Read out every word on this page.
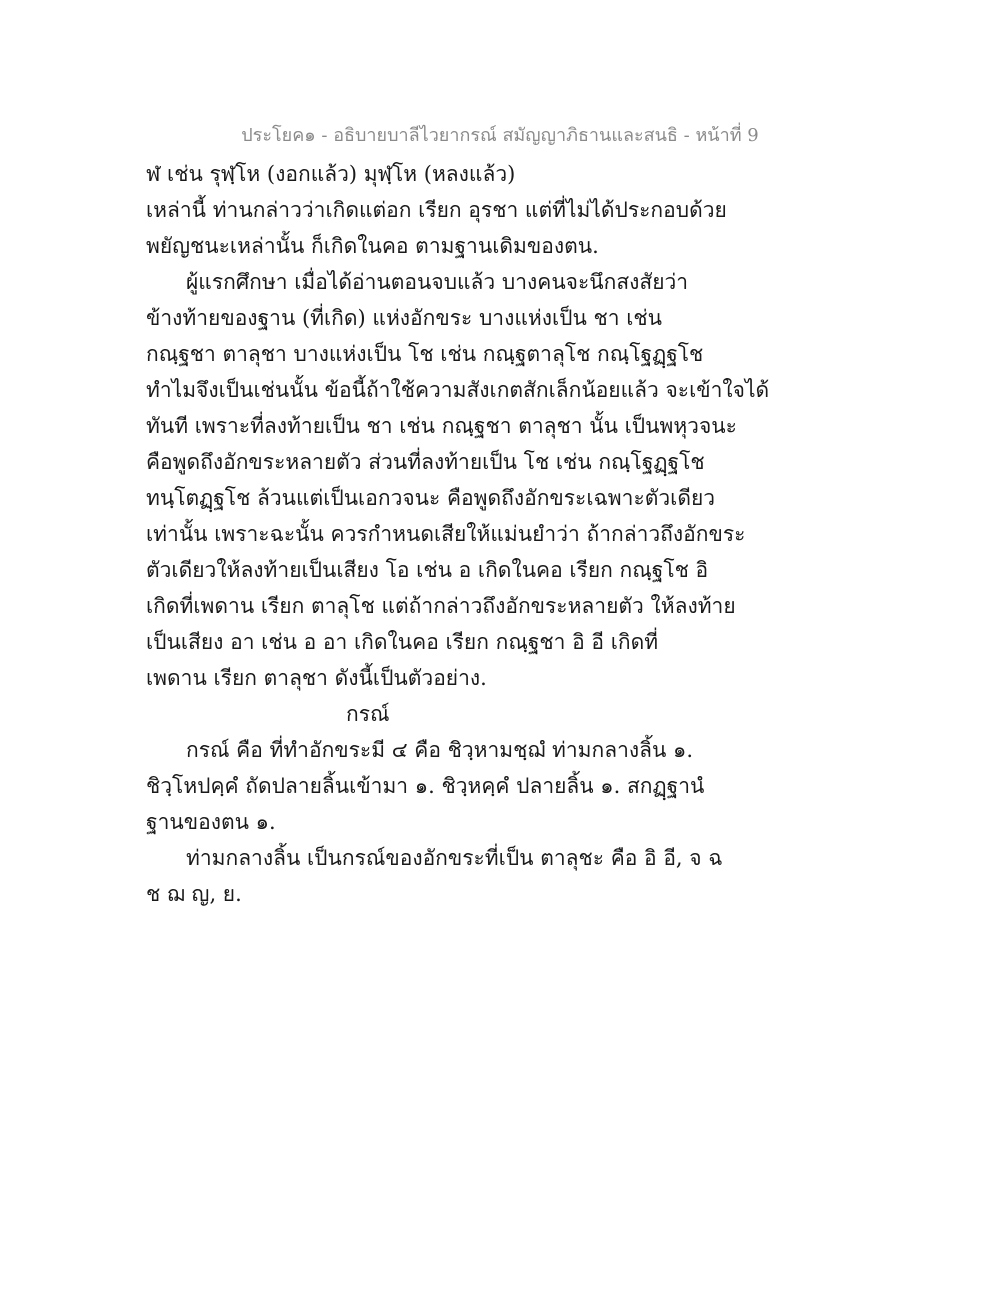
ประโยค๑ - อธิบายบาลีไวยากรณ์ สมัญญาภิธานและสนธิ - หน้าที่ 9

ฬ เช่น รุฬฺโห (งอกแล้ว) มุฬฺโห (หลงแล้ว)

เหล่านี้ ท่านกล่าวว่าเกิดแต่อก เรียก อุรชา แต่ที่ไม่ได้ประกอบด้วย

พยัญชนะเหล่านั้น ก็เกิดในคอ ตามฐานเดิมของตน.

ผู้แรกศึกษา เมื่อได้อ่านตอนจบแล้ว บางคนจะนึกสงสัยว่า

ข้างท้ายของฐาน (ที่เกิด) แห่งอักขระ บางแห่งเป็น ชา เช่น

กณฺฐชา ตาลุชา บางแห่งเป็น โช เช่น กณฺฐตาลุโช กณฺโฐฏฺฐโช

ทำไมจึงเป็นเช่นนั้น ข้อนี้ถ้าใช้ความสังเกตสักเล็กน้อยแล้ว จะเข้าใจได้

ทันที เพราะที่ลงท้ายเป็น ชา เช่น กณฺฐชา ตาลุชา นั้น เป็นพหุวจนะ

คือพูดถึงอักขระหลายตัว ส่วนที่ลงท้ายเป็น โช เช่น กณฺโฐฏฺฐโช

ทนฺโตฏฺฐโช ล้วนแต่เป็นเอกวจนะ คือพูดถึงอักขระเฉพาะตัวเดียว

เท่านั้น เพราะฉะนั้น ควรกำหนดเสียให้แม่นยำว่า ถ้ากล่าวถึงอักขระ

ตัวเดียวให้ลงท้ายเป็นเสียง โอ เช่น อ เกิดในคอ เรียก กณฺฐโช อิ

เกิดที่เพดาน เรียก ตาลุโช แต่ถ้ากล่าวถึงอักขระหลายตัว ให้ลงท้าย

เป็นเสียง อา เช่น อ อา เกิดในคอ เรียก กณฺฐชา อิ อี เกิดที่

เพดาน เรียก ตาลุชา ดังนี้เป็นตัวอย่าง.

กรณ์

กรณ์ คือ ที่ทำอักขระมี ๔ คือ ชิวฺหามชฺฌํ ท่ามกลางลิ้น ๑.

ชิวฺโหปคฺคํ ถัดปลายลิ้นเข้ามา ๑. ชิวฺหคฺคํ ปลายลิ้น ๑. สกฏฺฐานํ

ฐานของตน ๑.

ท่ามกลางลิ้น เป็นกรณ์ของอักขระที่เป็น ตาลุชะ คือ อิ อี, จ ฉ

ช ฌ ญ, ย.
